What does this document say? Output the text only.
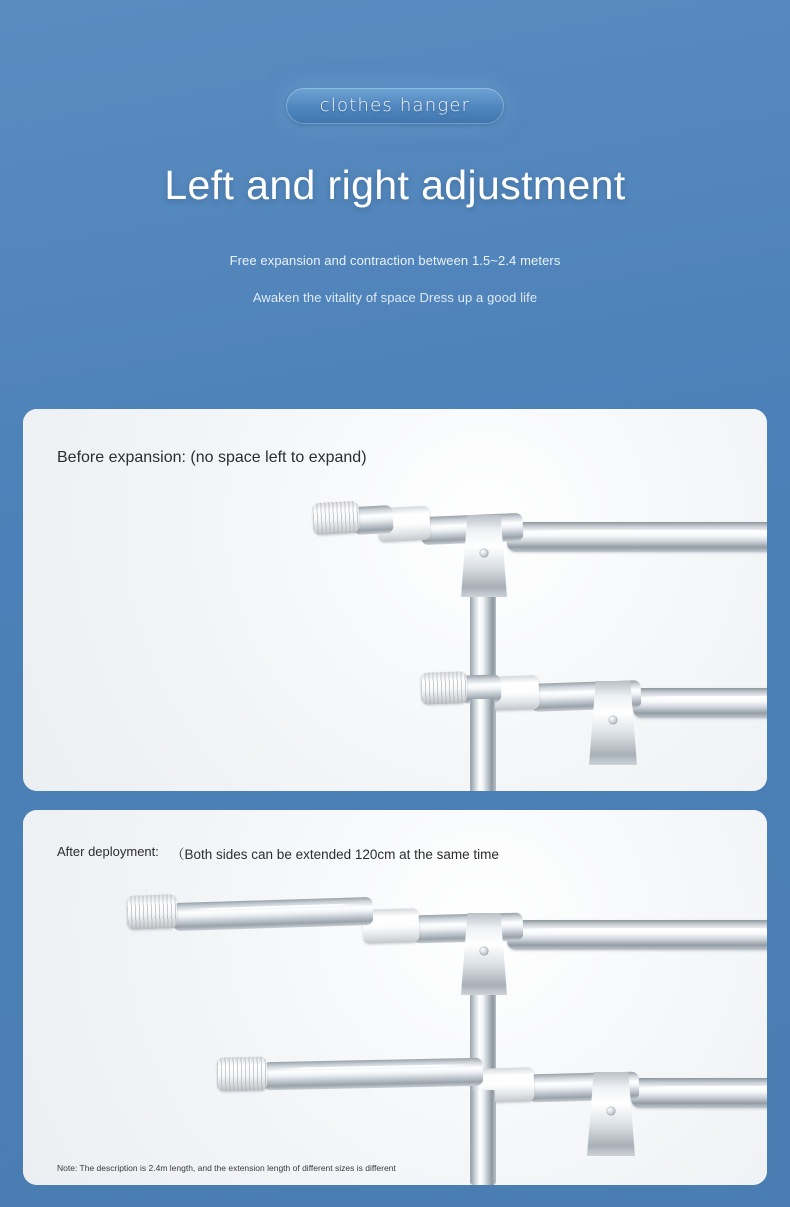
clothes hanger
Left and right adjustment

Free expansion and contraction between 1.5~2.4 meters

Awaken the vitality of space Dress up a good life

Before expansion: (no space left to expand)
After deployment: （Both sides can be extended 120cm at the same time
Note: The description is 2.4m length, and the extension length of different sizes is different
